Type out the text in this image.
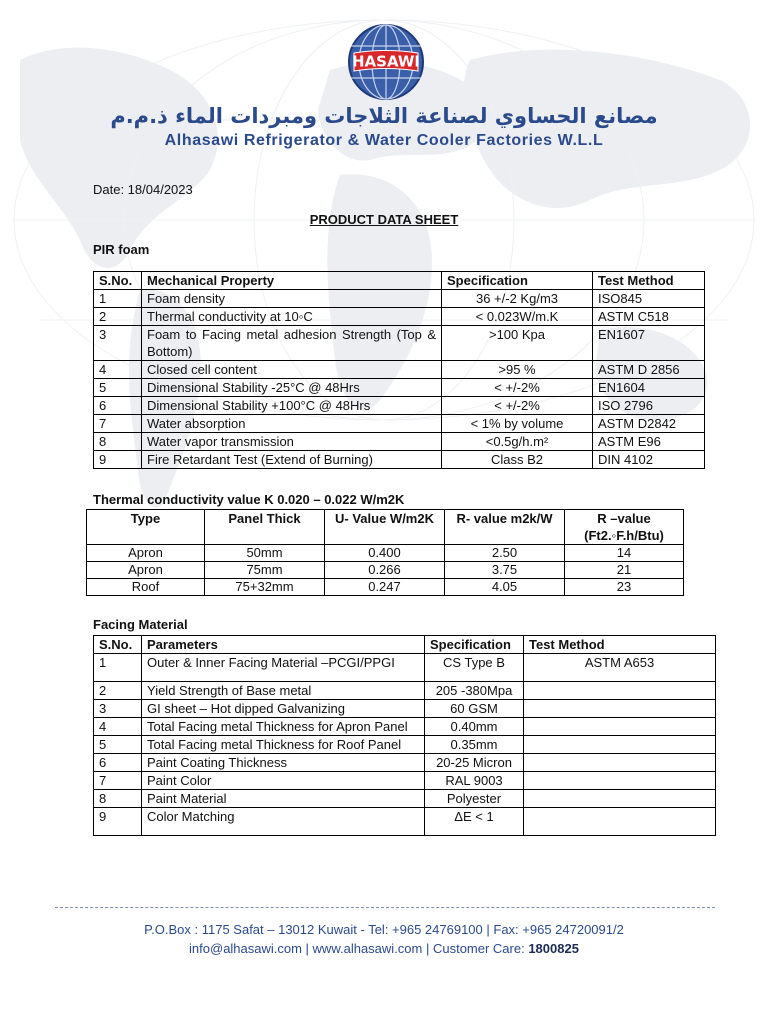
HASAWI
مصانع الحساوي لصناعة الثلاجات ومبردات الماء ذ.م.م
Alhasawi Refrigerator & Water Cooler Factories W.L.L
Date: 18/04/2023
PRODUCT DATA SHEET
PIR foam
S.No.	Mechanical Property	Specification	Test Method
1	Foam density	36 +/-2 Kg/m3	ISO845
2	Thermal conductivity at 10◦C	< 0.023W/m.K	ASTM C518
3	Foam to Facing metal adhesion Strength (Top & Bottom)	>100 Kpa	EN1607
4	Closed cell content	>95 %	ASTM D 2856
5	Dimensional Stability -25°C @ 48Hrs	< +/-2%	EN1604
6	Dimensional Stability +100°C @ 48Hrs	< +/-2%	ISO 2796
7	Water absorption	< 1% by volume	ASTM D2842
8	Water vapor transmission	<0.5g/h.m²	ASTM E96
9	Fire Retardant Test (Extend of Burning)	Class B2	DIN 4102
Thermal conductivity value K 0.020 – 0.022 W/m2K
Type	Panel Thick	U- Value W/m2K	R- value m2k/W	R –value (Ft2.◦F.h/Btu)
Apron	50mm	0.400	2.50	14
Apron	75mm	0.266	3.75	21
Roof	75+32mm	0.247	4.05	23
Facing Material
S.No.	Parameters	Specification	Test Method
1	Outer & Inner Facing Material –PCGI/PPGI	CS Type B	ASTM A653
2	Yield Strength of Base metal	205 -380Mpa	
3	GI sheet – Hot dipped Galvanizing	60 GSM	
4	Total Facing metal Thickness for Apron Panel	0.40mm	
5	Total Facing metal Thickness for Roof Panel	0.35mm	
6	Paint Coating Thickness	20-25 Micron	
7	Paint Color	RAL 9003	
8	Paint Material	Polyester	
9	Color Matching	ΔE < 1	
P.O.Box : 1175 Safat – 13012 Kuwait - Tel: +965 24769100 | Fax: +965 24720091/2
info@alhasawi.com | www.alhasawi.com | Customer Care: 1800825
